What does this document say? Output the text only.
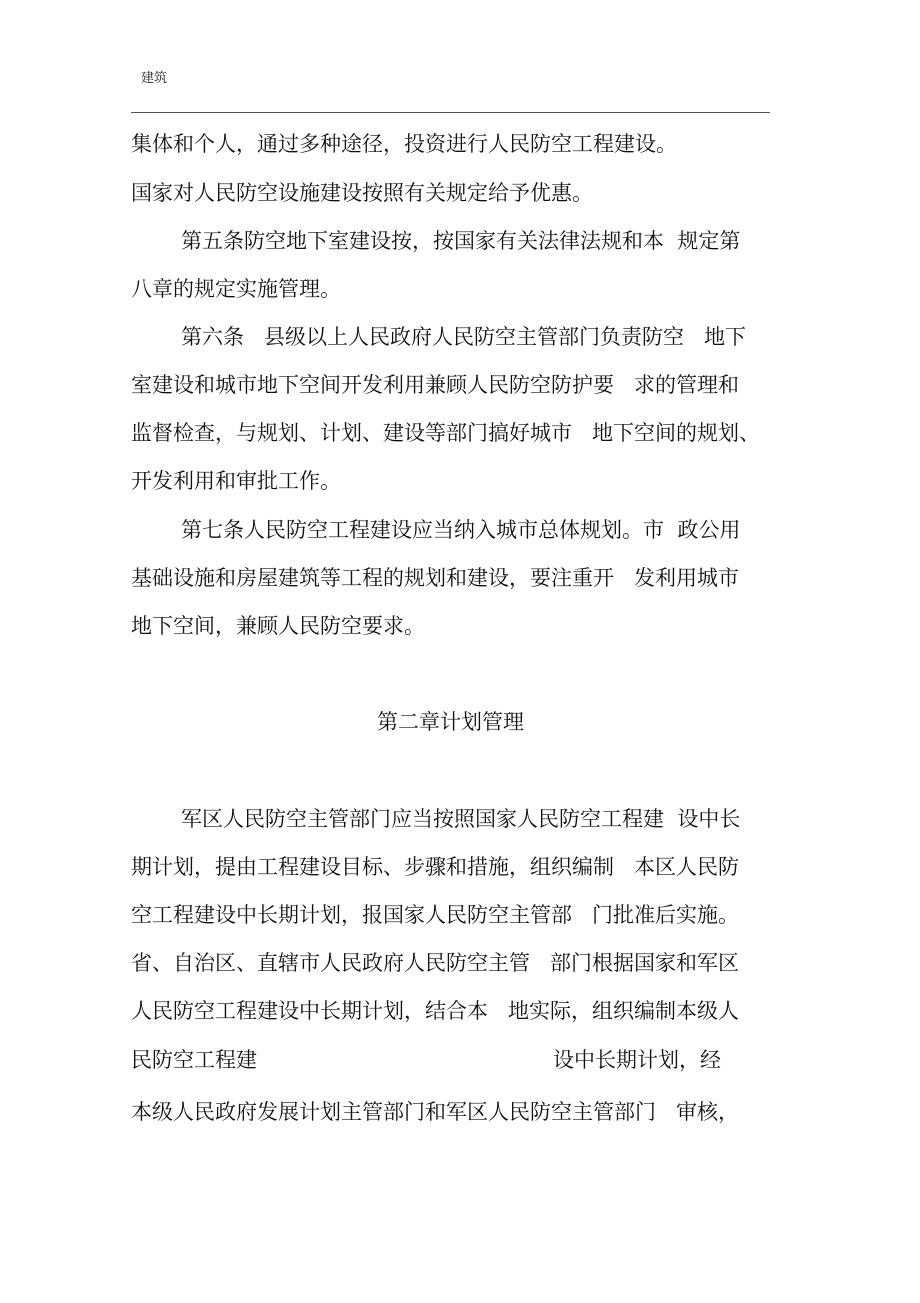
建筑
集体和个人，通过多种途径，投资进行人民防空工程建设。
国家对人民防空设施建设按照有关规定给予优惠。
第五条防空地下室建设按，按国家有关法律法规和本  规定第
八章的规定实施管理。
第六条   县级以上人民政府人民防空主管部门负责防空   地下
室建设和城市地下空间开发利用兼顾人民防空防护要   求的管理和
监督检查，与规划、计划、建设等部门搞好城市   地下空间的规划、
开发利用和审批工作。
第七条人民防空工程建设应当纳入城市总体规划。市  政公用
基础设施和房屋建筑等工程的规划和建设，要注重开   发利用城市
地下空间，兼顾人民防空要求。
第二章计划管理
军区人民防空主管部门应当按照国家人民防空工程建  设中长
期计划，提由工程建设目标、步骤和措施，组织编制   本区人民防
空工程建设中长期计划，报国家人民防空主管部   门批准后实施。
省、自治区、直辖市人民政府人民防空主管   部门根据国家和军区
人民防空工程建设中长期计划，结合本   地实际，组织编制本级人
民防空工程建	设中长期计划，经
本级人民政府发展计划主管部门和军区人民防空主管部门   审核，
